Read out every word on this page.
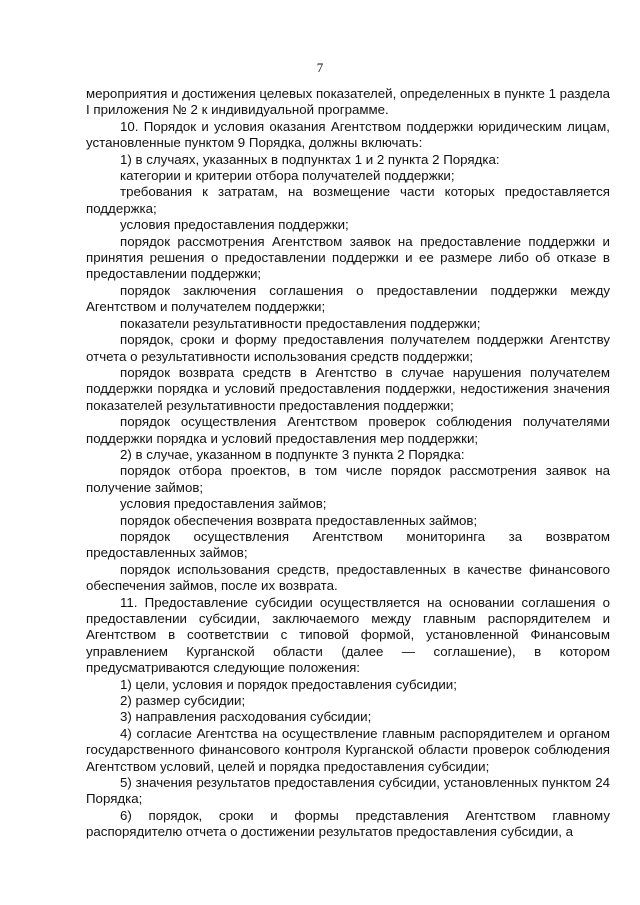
7

мероприятия и достижения целевых показателей, определенных в пункте 1 раздела I приложения № 2 к индивидуальной программе.

10. Порядок и условия оказания Агентством поддержки юридическим лицам, установленные пунктом 9 Порядка, должны включать:

1) в случаях, указанных в подпунктах 1 и 2 пункта 2 Порядка:

категории и критерии отбора получателей поддержки;

требования к затратам, на возмещение части которых предоставляется поддержка;

условия предоставления поддержки;

порядок рассмотрения Агентством заявок на предоставление поддержки и принятия решения о предоставлении поддержки и ее размере либо об отказе в предоставлении поддержки;

порядок заключения соглашения о предоставлении поддержки между Агентством и получателем поддержки;

показатели результативности предоставления поддержки;

порядок, сроки и форму предоставления получателем поддержки Агентству отчета о результативности использования средств поддержки;

порядок возврата средств в Агентство в случае нарушения получателем поддержки порядка и условий предоставления поддержки, недостижения значения показателей результативности предоставления поддержки;

порядок осуществления Агентством проверок соблюдения получателями поддержки порядка и условий предоставления мер поддержки;

2) в случае, указанном в подпункте 3 пункта 2 Порядка:

порядок отбора проектов, в том числе порядок рассмотрения заявок на получение займов;

условия предоставления займов;

порядок обеспечения возврата предоставленных займов;

порядок осуществления Агентством мониторинга за возвратом предоставленных займов;

порядок использования средств, предоставленных в качестве финансового обеспечения займов, после их возврата.

11. Предоставление субсидии осуществляется на основании соглашения о предоставлении субсидии, заключаемого между главным распорядителем и Агентством в соответствии с типовой формой, установленной Финансовым управлением Курганской области (далее — соглашение), в котором предусматриваются следующие положения:

1) цели, условия и порядок предоставления субсидии;

2) размер субсидии;

3) направления расходования субсидии;

4) согласие Агентства на осуществление главным распорядителем и органом государственного финансового контроля Курганской области проверок соблюдения Агентством условий, целей и порядка предоставления субсидии;

5) значения результатов предоставления субсидии, установленных пунктом 24 Порядка;

6) порядок, сроки и формы представления Агентством главному распорядителю отчета о достижении результатов предоставления субсидии, а
